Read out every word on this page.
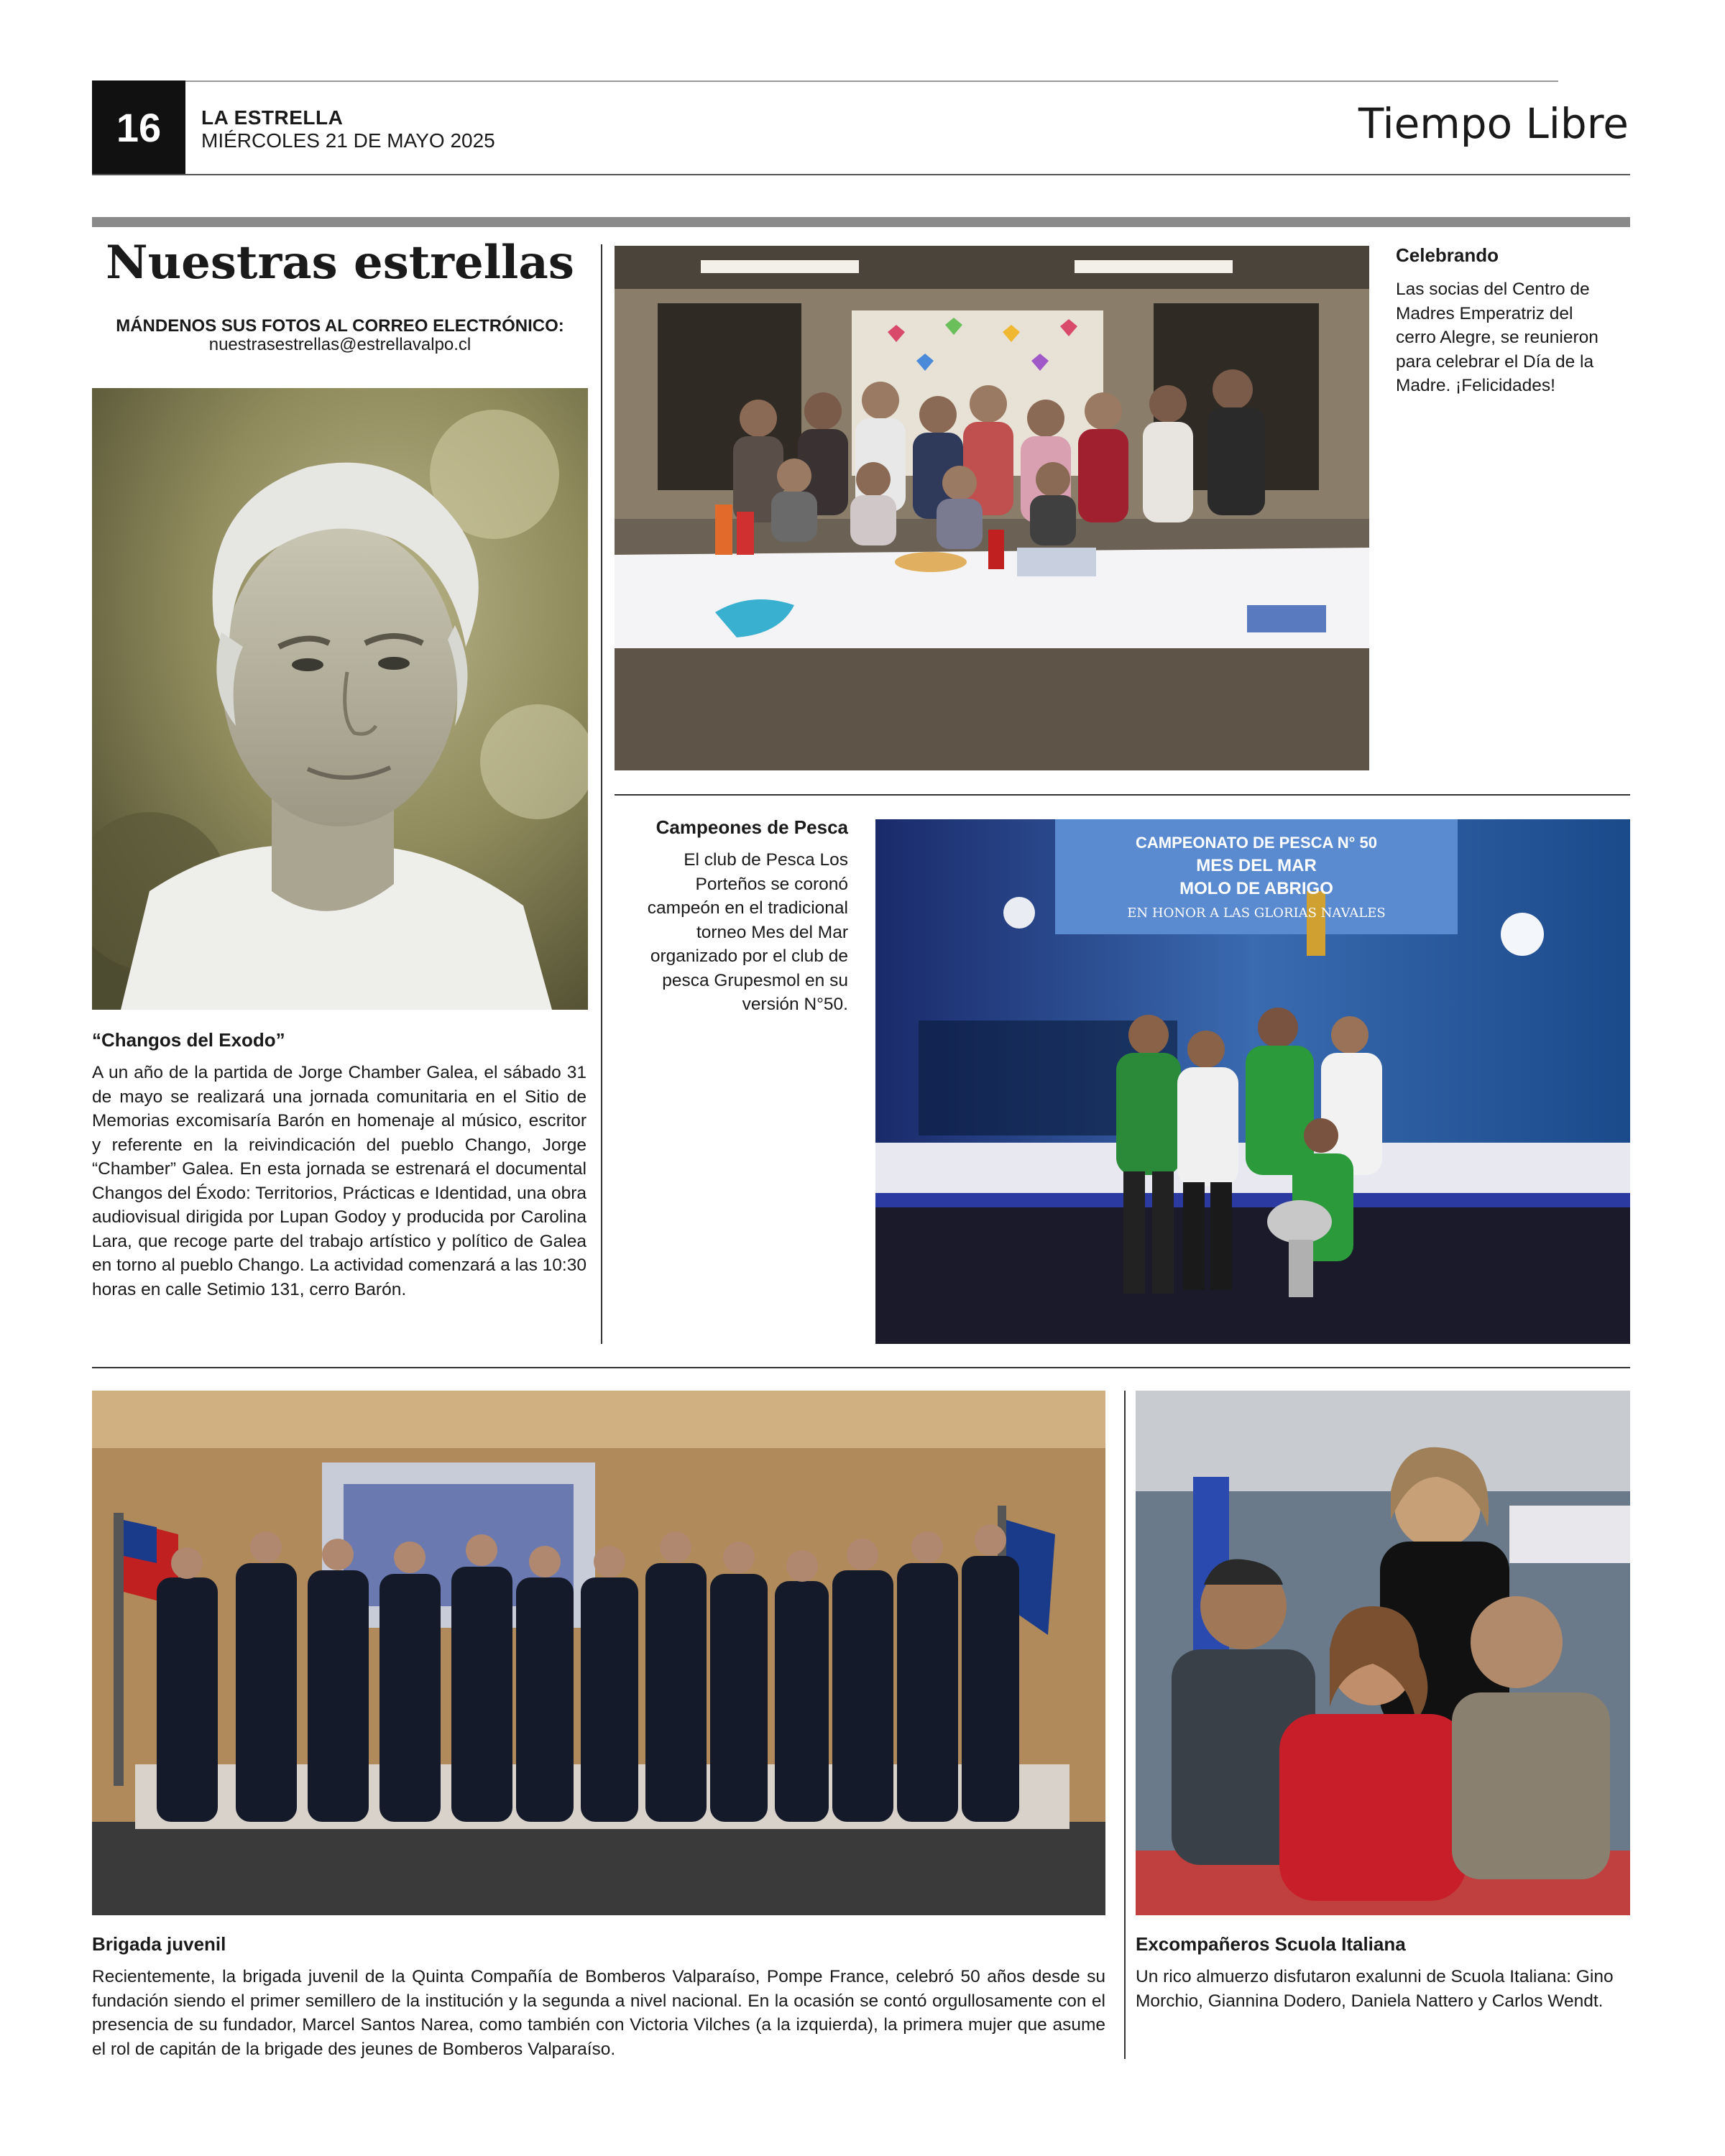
16	LA ESTRELLA
MIÉRCOLES 21 DE MAYO 2025	Tiempo Libre
Nuestras estrellas
MÁNDENOS SUS FOTOS AL CORREO ELECTRÓNICO:
nuestrasestrellas@estrellavalpo.cl
“Changos del Exodo”
A un año de la partida de Jorge Chamber Galea, el sábado 31 de mayo se realizará una jornada comunitaria en el Sitio de Memorias excomisaría Barón en homenaje al músico, escritor y referente en la reivindicación del pueblo Chango, Jorge “Chamber” Galea. En esta jornada se estrenará el documental Changos del Éxodo: Territorios, Prácticas e Identidad, una obra audiovisual dirigida por Lupan Godoy y producida por Carolina Lara, que recoge parte del trabajo artístico y político de Galea en torno al pueblo Chango. La actividad comenzará a las 10:30 horas en calle Setimio 131, cerro Barón.
Celebrando
Las socias del Centro de Madres Emperatriz del cerro Alegre, se reunieron para celebrar el Día de la Madre. ¡Felicidades!
Campeones de Pesca
El club de Pesca Los Porteños se coronó campeón en el tradicional torneo Mes del Mar organizado por el club de pesca Grupesmol en su versión N°50.
CAMPEONATO DE PESCA N° 50
MES DEL MAR
MOLO DE ABRIGO
EN HONOR A LAS GLORIAS NAVALES
Brigada juvenil
Recientemente, la brigada juvenil de la Quinta Compañía de Bomberos Valparaíso, Pompe France, celebró 50 años desde su fundación siendo el primer semillero de la institución y la segunda a nivel nacional. En la ocasión se contó orgullosamente con el presencia de su fundador, Marcel Santos Narea, como también con Victoria Vilches (a la izquierda), la primera mujer que asume el rol de capitán de la brigade des jeunes de Bomberos Valparaíso.
Excompañeros Scuola Italiana
Un rico almuerzo disfutaron exalunni de Scuola Italiana: Gino Morchio, Giannina Dodero, Daniela Nattero y Carlos Wendt.
